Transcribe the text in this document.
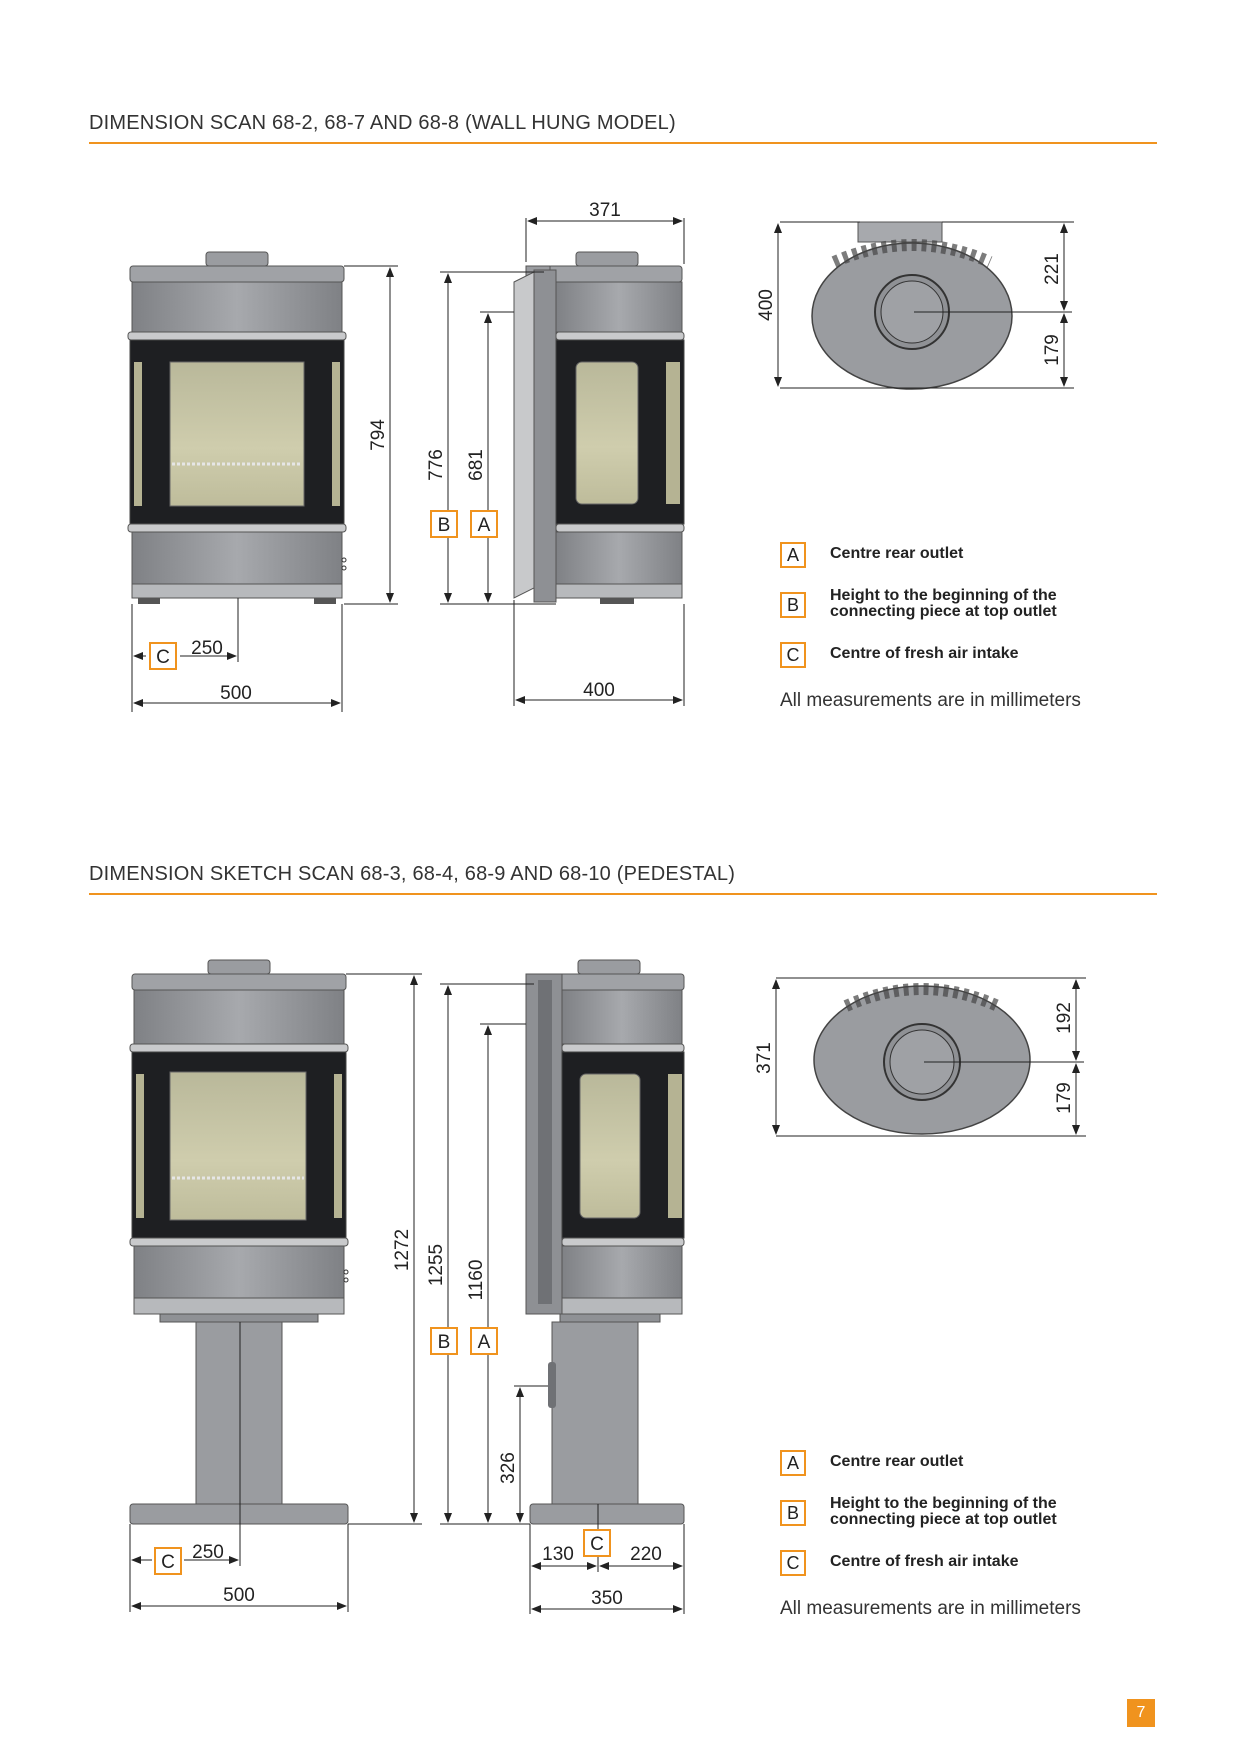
DIMENSION SCAN 68-2, 68-7 AND 68-8 (WALL HUNG MODEL)
DIMENSION SKETCH SCAN 68-3, 68-4, 68-9 AND 68-10 (PEDESTAL)
C 250
500
794
B A
371
400
776 681
400
221
179
C 250
500
1272
B A
C
1255 1160
326
130	220
350
371
192
179
A	Centre rear outlet
B	Height to the beginning of the connecting piece at top outlet
C	Centre of fresh air intake
All measurements are in millimeters
A	Centre rear outlet
B	Height to the beginning of the connecting piece at top outlet
C	Centre of fresh air intake
All measurements are in millimeters
7
